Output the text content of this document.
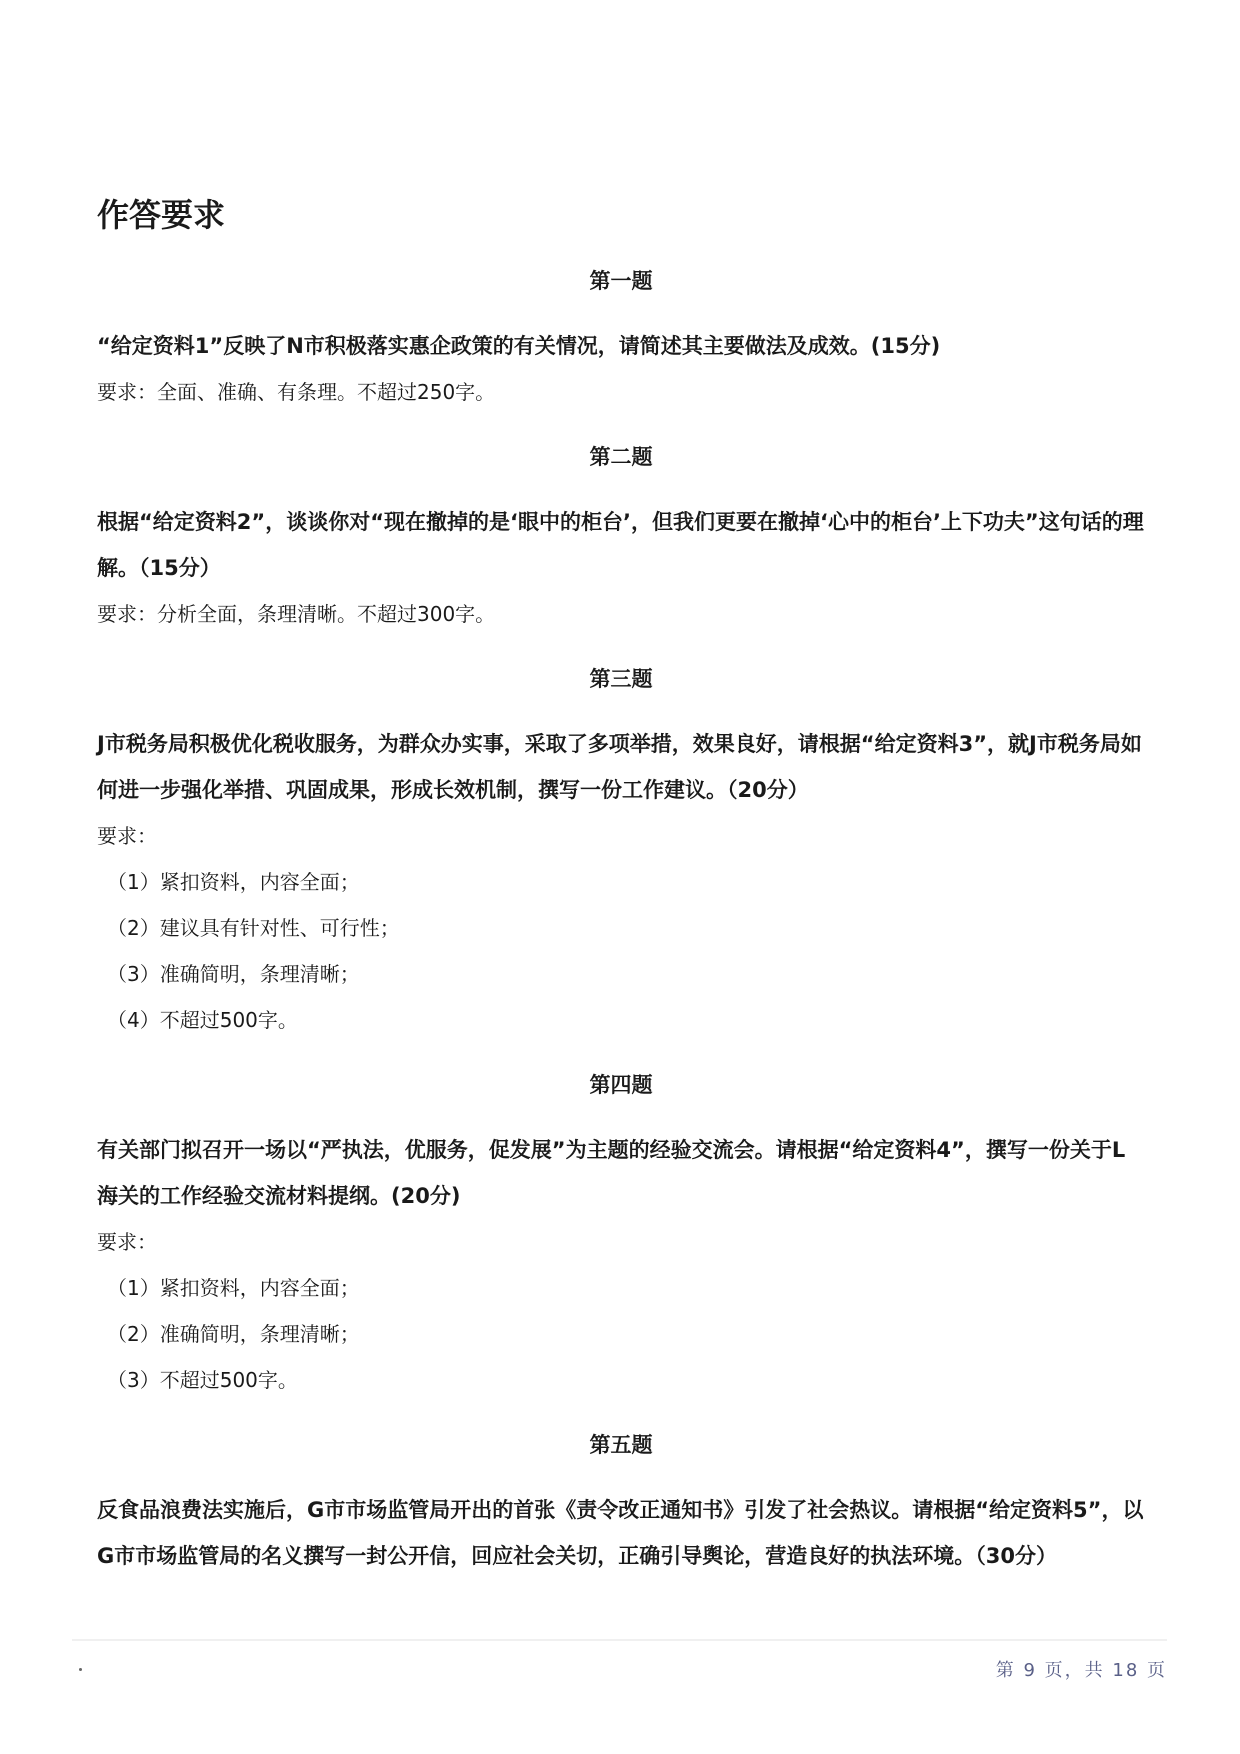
作答要求

第一题

“给定资料1”反映了N市积极落实惠企政策的有关情况，请简述其主要做法及成效。(15分)

要求：全面、准确、有条理。不超过250字。

第二题

根据“给定资料2”，谈谈你对“现在撤掉的是‘眼中的柜台’，但我们更要在撤掉‘心中的柜台’上下功夫”这句话的理解。（15分）

要求：分析全面，条理清晰。不超过300字。

第三题

J市税务局积极优化税收服务，为群众办实事，采取了多项举措，效果良好，请根据“给定资料3”，就J市税务局如何进一步强化举措、巩固成果，形成长效机制，撰写一份工作建议。（20分）

要求：

（1）紧扣资料，内容全面；

（2）建议具有针对性、可行性；

（3）准确简明，条理清晰；

（4）不超过500字。

第四题

有关部门拟召开一场以“严执法，优服务，促发展”为主题的经验交流会。请根据“给定资料4”，撰写一份关于L海关的工作经验交流材料提纲。(20分)

要求：

（1）紧扣资料，内容全面；

（2）准确简明，条理清晰；

（3）不超过500字。

第五题

反食品浪费法实施后，G市市场监管局开出的首张《责令改正通知书》引发了社会热议。请根据“给定资料5”，以G市市场监管局的名义撰写一封公开信，回应社会关切，正确引导舆论，营造良好的执法环境。（30分）

第 9 页，共 18 页
